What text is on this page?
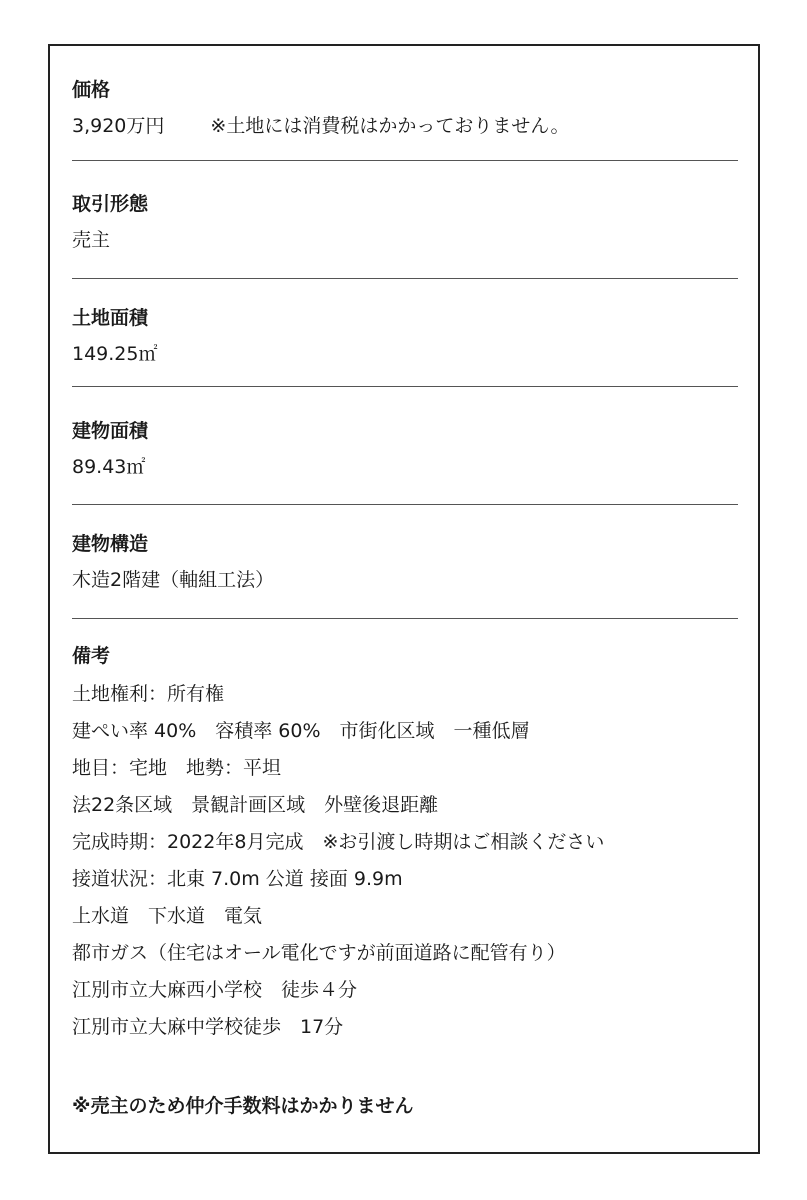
価格
3,920万円 ※土地には消費税はかかっておりません。
取引形態
売主
土地面積
149.25㎡
建物面積
89.43㎡
建物構造
木造2階建（軸組工法）
備考
土地権利：所有権
建ぺい率 40%　容積率 60%　市街化区域　一種低層
地目：宅地　地勢：平坦
法22条区域　景観計画区域　外壁後退距離
完成時期：2022年8月完成　※お引渡し時期はご相談ください
接道状況：北東 7.0m 公道 接面 9.9m
上水道　下水道　電気
都市ガス（住宅はオール電化ですが前面道路に配管有り）
江別市立大麻西小学校　徒歩４分
江別市立大麻中学校徒歩　17分
※売主のため仲介手数料はかかりません
